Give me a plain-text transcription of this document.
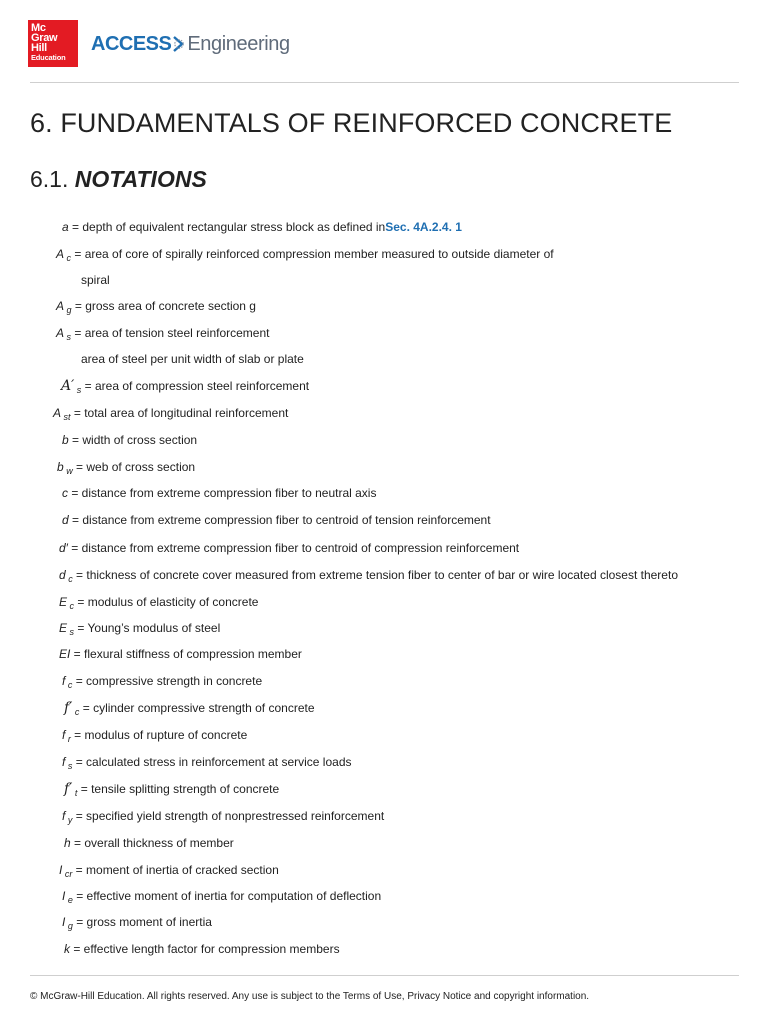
Mc
Graw
Hill
Education
ACCESS Engineering
6. FUNDAMENTALS OF REINFORCED CONCRETE
6.1. NOTATIONS
a = depth of equivalent rectangular stress block as defined inSec. 4A.2.4. 1
A $_c$ = area of core of spirally reinforced compression member measured to outside diameter of
spiral
A $_g$ = gross area of concrete section g
A $_s$ = area of tension steel reinforcement
area of steel per unit width of slab or plate
A′ $_s$ = area of compression steel reinforcement
A $_{st}$ = total area of longitudinal reinforcement
b = width of cross section
b $_w$ = web of cross section
c = distance from extreme compression fiber to neutral axis
d = distance from extreme compression fiber to centroid of tension reinforcement
d′ = distance from extreme compression fiber to centroid of compression reinforcement
d $_c$ = thickness of concrete cover measured from extreme tension fiber to center of bar or wire located closest thereto
E $_c$ = modulus of elasticity of concrete
E $_s$ = Young’s modulus of steel
EI = flexural stiffness of compression member
f $_c$ = compressive strength in concrete
f′ $_c$ = cylinder compressive strength of concrete
f $_r$ = modulus of rupture of concrete
f $_s$ = calculated stress in reinforcement at service loads
f′ $_t$ = tensile splitting strength of concrete
f $_y$ = specified yield strength of nonprestressed reinforcement
h = overall thickness of member
I $_{cr}$ = moment of inertia of cracked section
I $_e$ = effective moment of inertia for computation of deflection
I $_g$ = gross moment of inertia
k = effective length factor for compression members
© McGraw-Hill Education. All rights reserved. Any use is subject to the Terms of Use, Privacy Notice and copyright information.
